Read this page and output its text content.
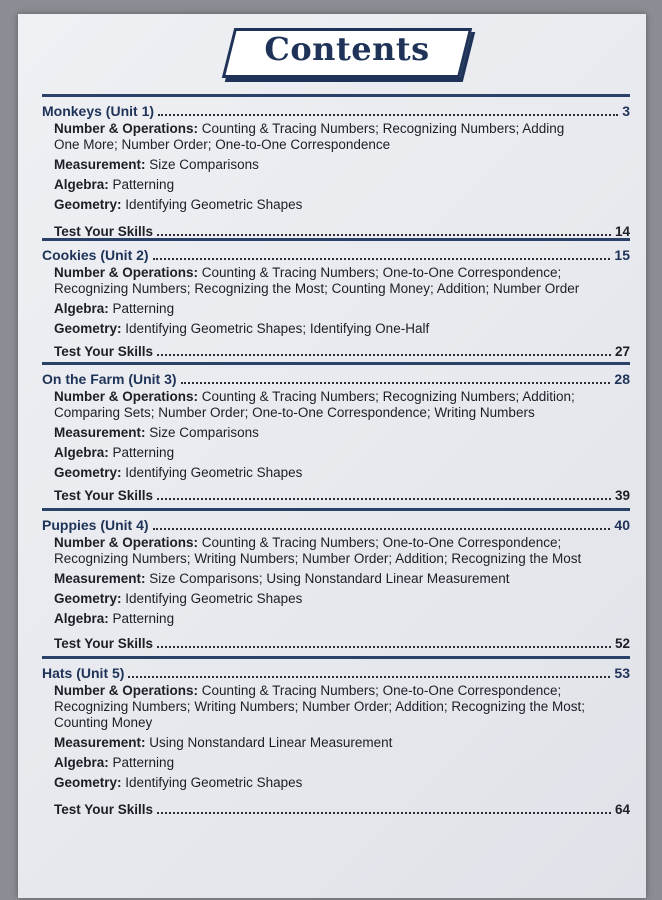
Contents
Monkeys (Unit 1)	3
Number & Operations: Counting & Tracing Numbers; Recognizing Numbers; Adding
One More; Number Order; One-to-One Correspondence
Measurement: Size Comparisons
Algebra: Patterning
Geometry: Identifying Geometric Shapes
Test Your Skills	14
Cookies (Unit 2)	15
Number & Operations: Counting & Tracing Numbers; One-to-One Correspondence;
Recognizing Numbers; Recognizing the Most; Counting Money; Addition; Number Order
Algebra: Patterning
Geometry: Identifying Geometric Shapes; Identifying One-Half
Test Your Skills	27
On the Farm (Unit 3)	28
Number & Operations: Counting & Tracing Numbers; Recognizing Numbers; Addition;
Comparing Sets; Number Order; One-to-One Correspondence; Writing Numbers
Measurement: Size Comparisons
Algebra: Patterning
Geometry: Identifying Geometric Shapes
Test Your Skills	39
Puppies (Unit 4)	40
Number & Operations: Counting & Tracing Numbers; One-to-One Correspondence;
Recognizing Numbers; Writing Numbers; Number Order; Addition; Recognizing the Most
Measurement: Size Comparisons; Using Nonstandard Linear Measurement
Geometry: Identifying Geometric Shapes
Algebra: Patterning
Test Your Skills	52
Hats (Unit 5)	53
Number & Operations: Counting & Tracing Numbers; One-to-One Correspondence;
Recognizing Numbers; Writing Numbers; Number Order; Addition; Recognizing the Most;
Counting Money
Measurement: Using Nonstandard Linear Measurement
Algebra: Patterning
Geometry: Identifying Geometric Shapes
Test Your Skills	64
